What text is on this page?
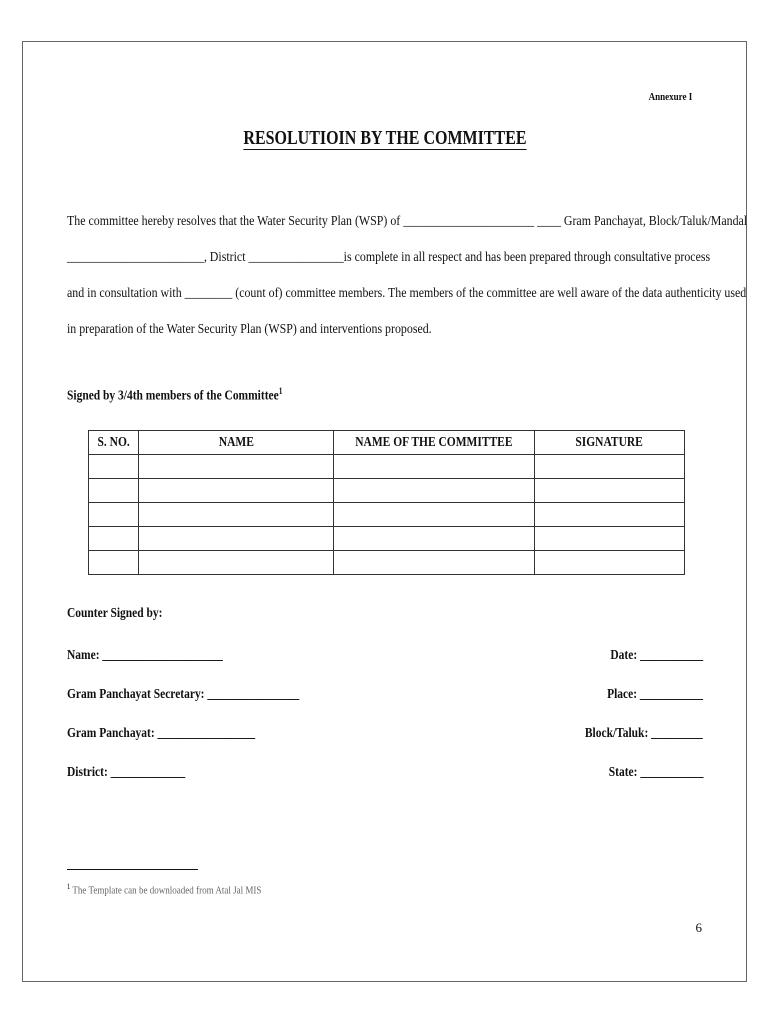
Annexure I
RESOLUTIOIN BY THE COMMITTEE
The committee hereby resolves that the Water Security Plan (WSP) of ______________________ ____ Gram Panchayat, Block/Taluk/Mandal
_______________________, District ________________is complete in all respect and has been prepared through consultative process
and in consultation with ________ (count of) committee members. The members of the committee are well aware of the data authenticity used
in preparation of the Water Security Plan (WSP) and interventions proposed.
Signed by 3/4th members of the Committee$^1$
S. NO.	NAME	NAME OF THE COMMITTEE	SIGNATURE

Counter Signed by:
Name: _____________________	Date: ___________
Gram Panchayat Secretary: ________________	Place: ___________
Gram Panchayat: _________________	Block/Taluk: _________
District: _____________	State: ___________
$^1$ The Template can be downloaded from Atal Jal MIS
6
